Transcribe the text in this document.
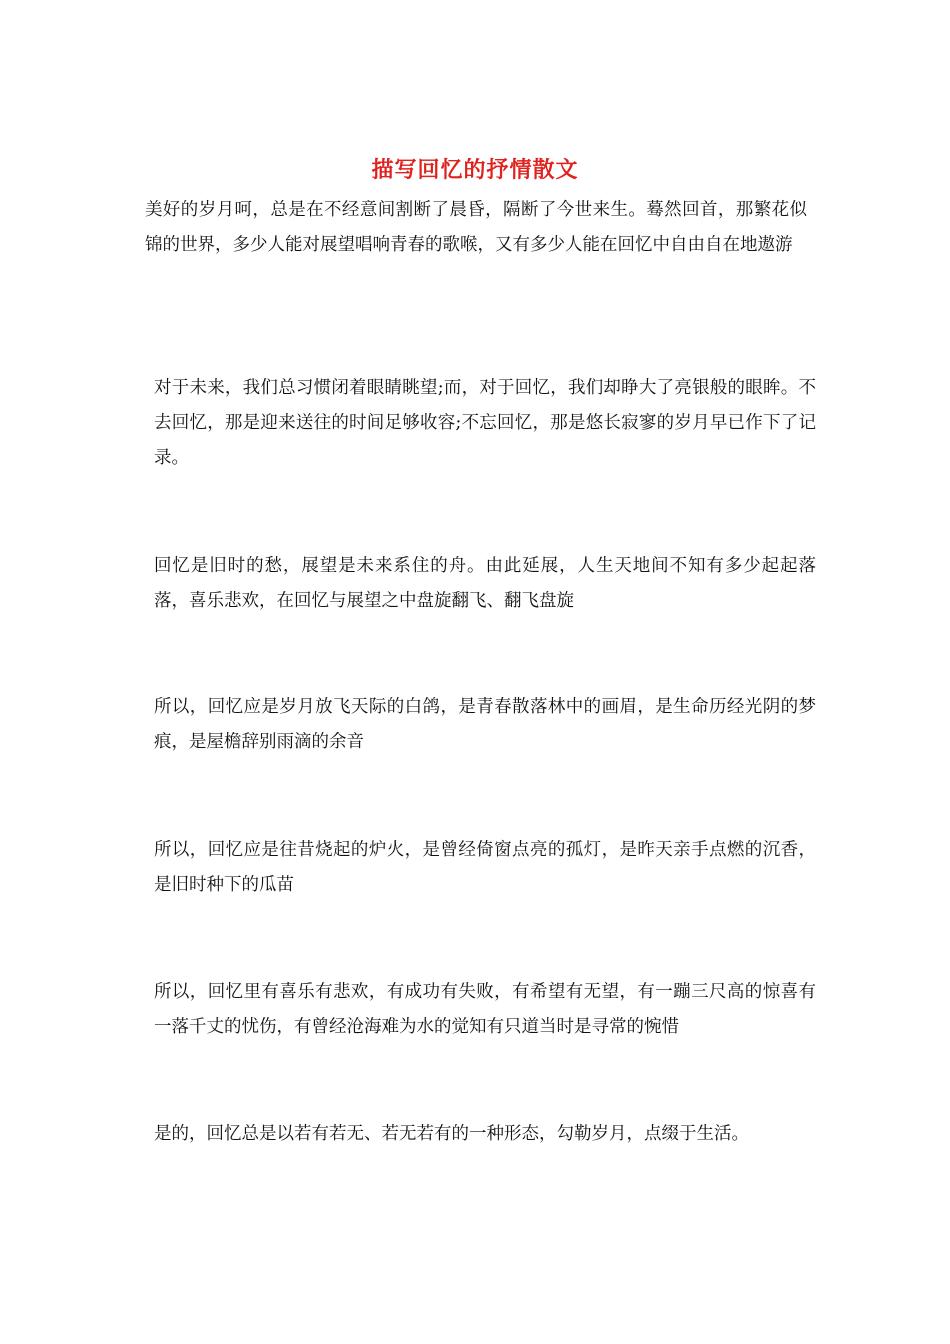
描写回忆的抒情散文

美好的岁月呵，总是在不经意间割断了晨昏，隔断了今世来生。蓦然回首，那繁花似锦的世界，多少人能对展望唱响青春的歌喉，又有多少人能在回忆中自由自在地遨游

对于未来，我们总习惯闭着眼睛眺望;而，对于回忆，我们却睁大了亮银般的眼眸。不去回忆，那是迎来送往的时间足够收容;不忘回忆，那是悠长寂寥的岁月早已作下了记录。

回忆是旧时的愁，展望是未来系住的舟。由此延展，人生天地间不知有多少起起落落，喜乐悲欢，在回忆与展望之中盘旋翻飞、翻飞盘旋

所以，回忆应是岁月放飞天际的白鸽，是青春散落林中的画眉，是生命历经光阴的梦痕，是屋檐辞别雨滴的余音

所以，回忆应是往昔烧起的炉火，是曾经倚窗点亮的孤灯，是昨天亲手点燃的沉香，是旧时种下的瓜苗

所以，回忆里有喜乐有悲欢，有成功有失败，有希望有无望，有一蹦三尺高的惊喜有一落千丈的忧伤，有曾经沧海难为水的觉知有只道当时是寻常的惋惜

是的，回忆总是以若有若无、若无若有的一种形态，勾勒岁月，点缀于生活。
